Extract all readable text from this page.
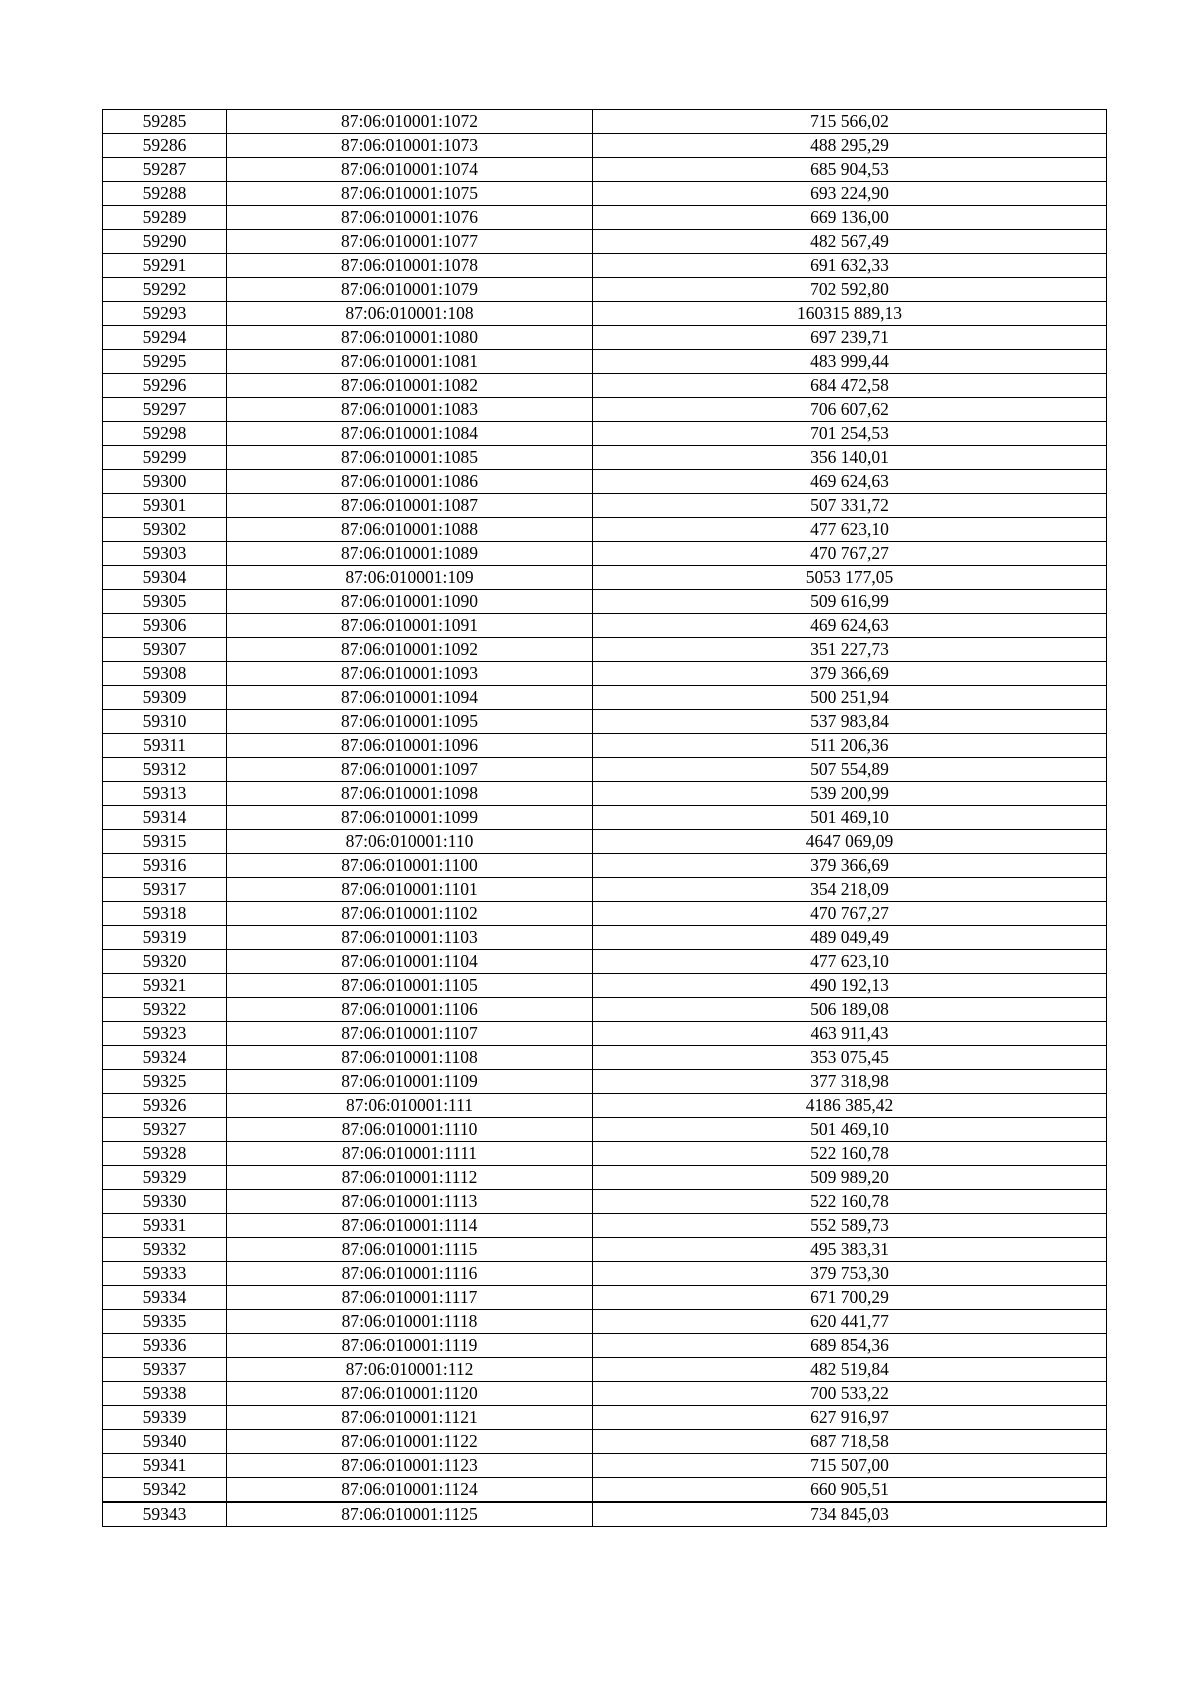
59285	87:06:010001:1072	715 566,02
59286	87:06:010001:1073	488 295,29
59287	87:06:010001:1074	685 904,53
59288	87:06:010001:1075	693 224,90
59289	87:06:010001:1076	669 136,00
59290	87:06:010001:1077	482 567,49
59291	87:06:010001:1078	691 632,33
59292	87:06:010001:1079	702 592,80
59293	87:06:010001:108	160315 889,13
59294	87:06:010001:1080	697 239,71
59295	87:06:010001:1081	483 999,44
59296	87:06:010001:1082	684 472,58
59297	87:06:010001:1083	706 607,62
59298	87:06:010001:1084	701 254,53
59299	87:06:010001:1085	356 140,01
59300	87:06:010001:1086	469 624,63
59301	87:06:010001:1087	507 331,72
59302	87:06:010001:1088	477 623,10
59303	87:06:010001:1089	470 767,27
59304	87:06:010001:109	5053 177,05
59305	87:06:010001:1090	509 616,99
59306	87:06:010001:1091	469 624,63
59307	87:06:010001:1092	351 227,73
59308	87:06:010001:1093	379 366,69
59309	87:06:010001:1094	500 251,94
59310	87:06:010001:1095	537 983,84
59311	87:06:010001:1096	511 206,36
59312	87:06:010001:1097	507 554,89
59313	87:06:010001:1098	539 200,99
59314	87:06:010001:1099	501 469,10
59315	87:06:010001:110	4647 069,09
59316	87:06:010001:1100	379 366,69
59317	87:06:010001:1101	354 218,09
59318	87:06:010001:1102	470 767,27
59319	87:06:010001:1103	489 049,49
59320	87:06:010001:1104	477 623,10
59321	87:06:010001:1105	490 192,13
59322	87:06:010001:1106	506 189,08
59323	87:06:010001:1107	463 911,43
59324	87:06:010001:1108	353 075,45
59325	87:06:010001:1109	377 318,98
59326	87:06:010001:111	4186 385,42
59327	87:06:010001:1110	501 469,10
59328	87:06:010001:1111	522 160,78
59329	87:06:010001:1112	509 989,20
59330	87:06:010001:1113	522 160,78
59331	87:06:010001:1114	552 589,73
59332	87:06:010001:1115	495 383,31
59333	87:06:010001:1116	379 753,30
59334	87:06:010001:1117	671 700,29
59335	87:06:010001:1118	620 441,77
59336	87:06:010001:1119	689 854,36
59337	87:06:010001:112	482 519,84
59338	87:06:010001:1120	700 533,22
59339	87:06:010001:1121	627 916,97
59340	87:06:010001:1122	687 718,58
59341	87:06:010001:1123	715 507,00
59342	87:06:010001:1124	660 905,51
59343	87:06:010001:1125	734 845,03
